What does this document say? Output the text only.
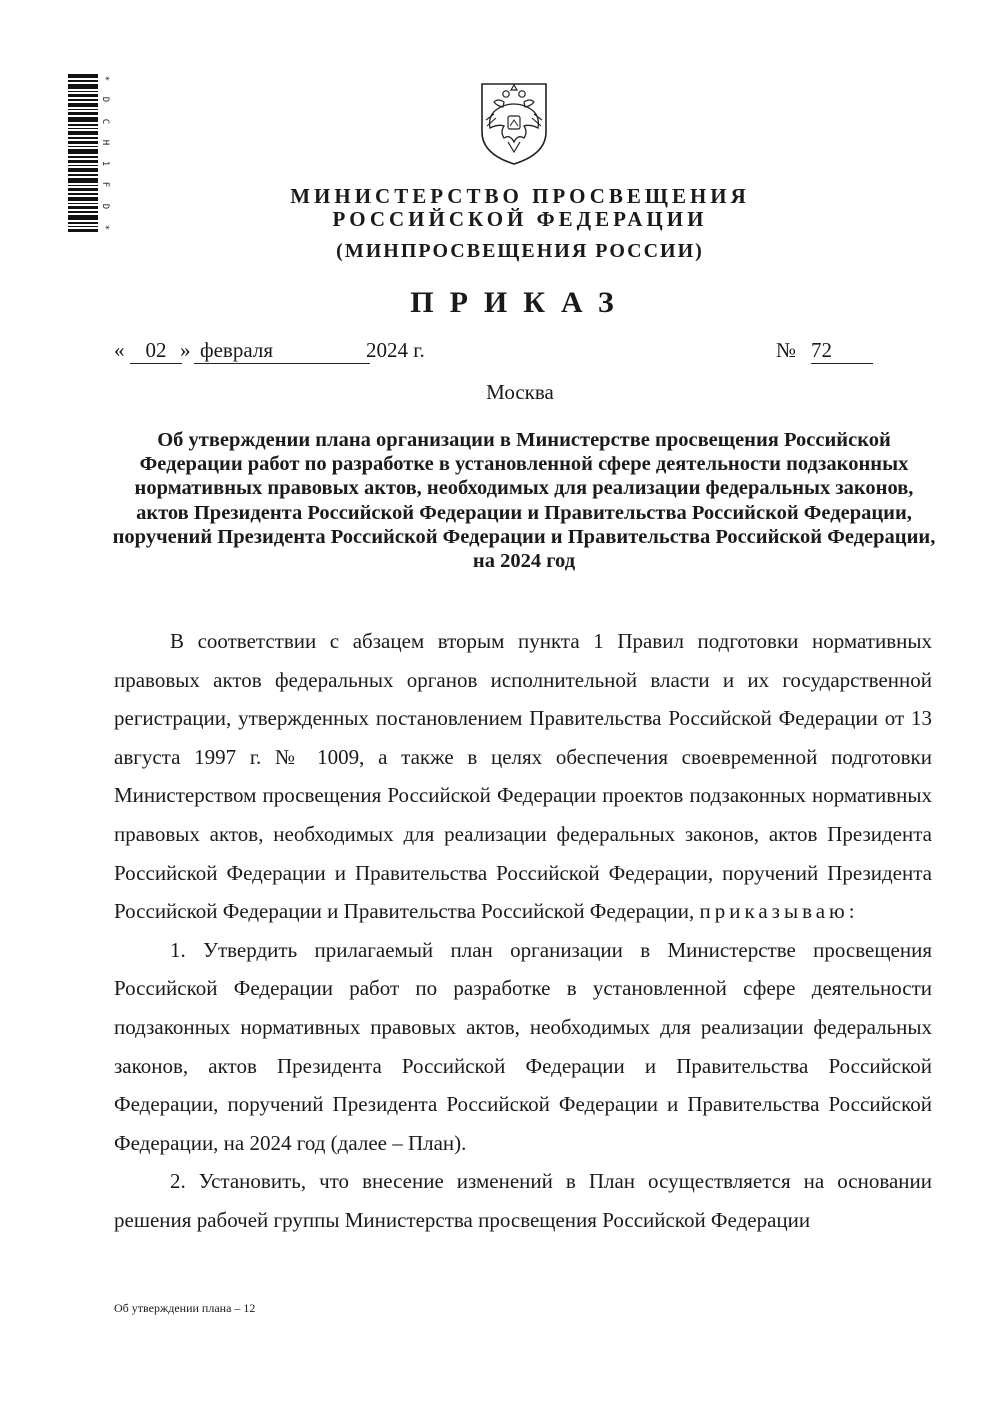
*
D
C
H
1
F
D
*
МИНИСТЕРСТВО ПРОСВЕЩЕНИЯ
РОССИЙСКОЙ ФЕДЕРАЦИИ
(МИНПРОСВЕЩЕНИЯ РОССИИ)
ПРИКАЗ
«	02 » февраля	2024 г.	№ 72
Москва
Об утверждении плана организации в Министерстве просвещения Российской Федерации работ по разработке в установленной сфере деятельности подзаконных нормативных правовых актов, необходимых для реализации федеральных законов, актов Президента Российской Федерации и Правительства Российской Федерации, поручений Президента Российской Федерации и Правительства Российской Федерации, на 2024 год

В соответствии с абзацем вторым пункта 1 Правил подготовки нормативных правовых актов федеральных органов исполнительной власти и их государственной регистрации, утвержденных постановлением Правительства Российской Федерации от 13 августа 1997 г. № 1009, а также в целях обеспечения своевременной подготовки Министерством просвещения Российской Федерации проектов подзаконных нормативных правовых актов, необходимых для реализации федеральных законов, актов Президента Российской Федерации и Правительства Российской Федерации, поручений Президента Российской Федерации и Правительства Российской Федерации, приказываю:

1. Утвердить прилагаемый план организации в Министерстве просвещения Российской Федерации работ по разработке в установленной сфере деятельности подзаконных нормативных правовых актов, необходимых для реализации федеральных законов, актов Президента Российской Федерации и Правительства Российской Федерации, поручений Президента Российской Федерации и Правительства Российской Федерации, на 2024 год (далее – План).

2. Установить, что внесение изменений в План осуществляется на основании решения рабочей группы Министерства просвещения Российской Федерации

Об утверждении плана – 12
